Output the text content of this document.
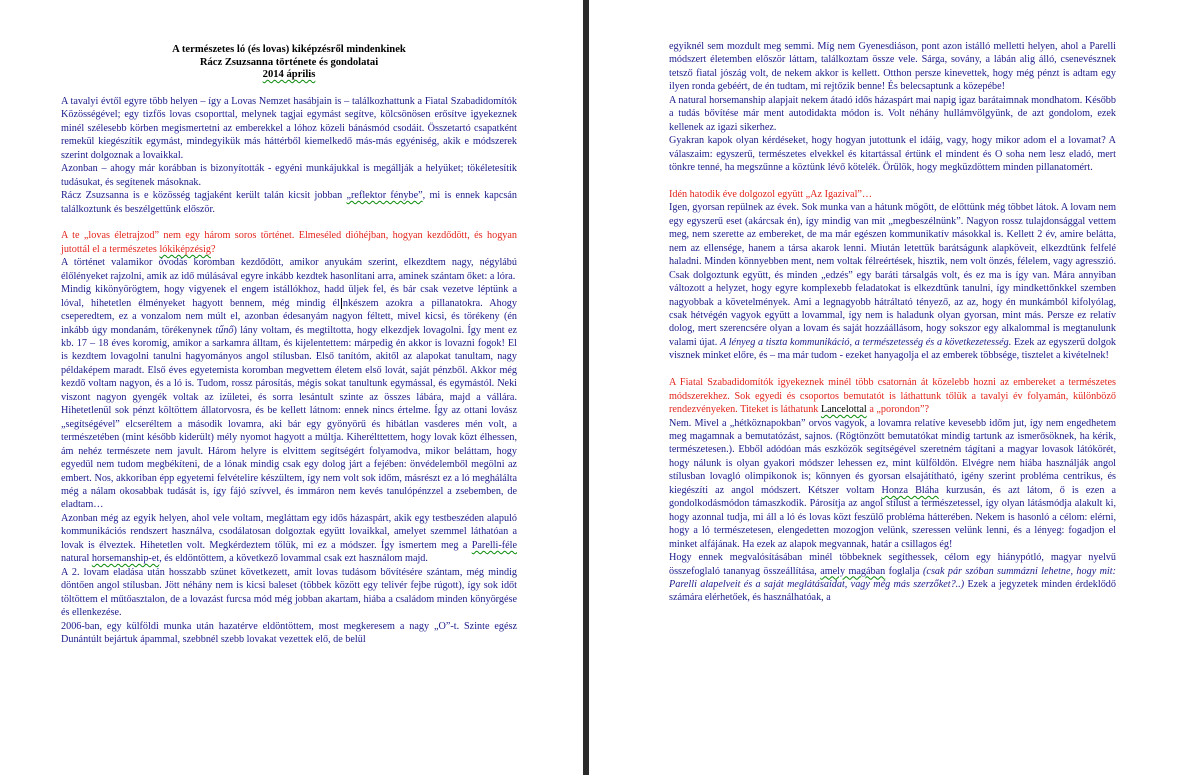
A természetes ló (és lovas) kiképzésről mindenkinek
Rácz Zsuzsanna története és gondolatai
2014 április

A tavalyi évtől egyre több helyen – így a Lovas Nemzet hasábjain is – találkozhattunk a Fiatal Szabadidomítók Közösségével; egy tizfős lovas csoporttal, melynek tagjai egymást segítve, kölcsönösen erősítve igyekeznek minél szélesebb körben megismertetni az emberekkel a lóhoz közeli bánásmód csodáit. Összetartó csapatként remekül kiegészítik egymást, mindegyikük más háttérből kiemelkedő más-más egyéniség, akik e módszerek szerint dolgoznak a lovaikkal.

Azonban – ahogy már korábban is bizonyították - egyéni munkájukkal is megállják a helyüket; tökéletesítik tudásukat, és segítenek másoknak.

Rácz Zsuzsanna is e közösség tagjaként került talán kicsit jobban „reflektor fénybe”, mi is ennek kapcsán találkoztunk és beszélgettünk először.

A te „lovas életrajzod” nem egy három soros történet. Elmeséled dióhéjban, hogyan kezdődött, és hogyan jutottál el a természetes lókiképzésig?

A történet valamikor óvodás koromban kezdődött, amikor anyukám szerint, elkezdtem nagy, négylábú élőlényeket rajzolni, amik az idő múlásával egyre inkább kezdtek hasonlítani arra, aminek szántam őket: a lóra.

Mindig kikönyörögtem, hogy vigyenek el engem istállókhoz, hadd üljek fel, és bár csak vezetve léptünk a lóval, hihetetlen élményeket hagyott bennem, még mindig él nkészem azokra a pillanatokra. Ahogy cseperedtem, ez a vonzalom nem múlt el, azonban édesanyám nagyon féltett, mivel kicsi, és törékeny (én inkább úgy mondanám, törékenynek tűnő) lány voltam, és megtiltotta, hogy elkezdjek lovagolni. Így ment ez kb. 17 – 18 éves koromig, amikor a sarkamra álltam, és kijelentettem: márpedig én akkor is lovazni fogok! El is kezdtem lovagolni tanulni hagyományos angol stílusban. Első tanítóm, akitől az alapokat tanultam, nagy példaképem maradt. Első éves egyetemista koromban megvettem életem első lovát, saját pénzből. Akkor még kezdő voltam nagyon, és a ló is. Tudom, rossz párosítás, mégis sokat tanultunk egymással, és egymástól. Neki viszont nagyon gyengék voltak az izületei, és sorra lesántult szinte az összes lábára, majd a vállára. Hihetetlenül sok pénzt költöttem állatorvosra, és be kellett látnom: ennek nincs értelme. Így az ottani lovász „segítségével” elcseréltem a második lovamra, aki bár egy gyönyörű és hibátlan vasderes mén volt, a természetében (mint később kiderült) mély nyomot hagyott a múltja. Kiherélttettem, hogy lovak közt élhessen, ám nehéz természete nem javult. Három helyre is elvittem segítségért folyamodva, mikor beláttam, hogy egyedül nem tudom megbékíteni, de a lónak mindig csak egy dolog járt a fejében: önvédelemből megölni az embert. Nos, akkoriban épp egyetemi felvételire készültem, így nem volt sok időm, másrészt ez a ló meghálálta még a nálam okosabbak tudását is, így fájó szívvel, és immáron nem kevés tanulópénzzel a zsebemben, de eladtam…

Azonban még az egyik helyen, ahol vele voltam, megláttam egy idős házaspárt, akik egy testbeszéden alapuló kommunikációs rendszert használva, csodálatosan dolgoztak együtt lovaikkal, amelyet szemmel láthatóan a lovak is élveztek. Hihetetlen volt. Megkérdeztem tőlük, mi ez a módszer. Így ismertem meg a Parelli-féle natural horsemanship-et, és eldöntöttem, a következő lovammal csak ezt használom majd.

A 2. lovam eladása után hosszabb szünet következett, amit lovas tudásom bővítésére szántam, még mindig döntően angol stílusban. Jött néhány nem is kicsi baleset (többek között egy telivér fejbe rúgott), így sok időt töltöttem el műtőasztalon, de a lovazást furcsa mód még jobban akartam, hiába a családom minden könyörgése és ellenkezése.

2006-ban, egy külföldi munka után hazatérve eldöntöttem, most megkeresem a nagy „O”-t. Szinte egész Dunántúlt bejártuk ápammal, szebbnél szebb lovakat vezettek elő, de belül

egyiknél sem mozdult meg semmi. Míg nem Gyenesdiáson, pont azon istálló melletti helyen, ahol a Parelli módszert életemben először láttam, találkoztam össze vele. Sárga, sovány, a lábán alig álló, csenevésznek tetsző fiatal jószág volt, de nekem akkor is kellett. Otthon persze kinevettek, hogy még pénzt is adtam egy ilyen ronda gebéért, de én tudtam, mi rejtőzik benne! És belecsaptunk a közepébe!

A natural horsemanship alapjait nekem átadó idős házaspárt mai napig igaz barátaimnak mondhatom. Később a tudás bővítése már ment autodidakta módon is. Volt néhány hullámvölgyünk, de azt gondolom, ezek kellenek az igazi sikerhez.

Gyakran kapok olyan kérdéseket, hogy hogyan jutottunk el idáig, vagy, hogy mikor adom el a lovamat? A válaszaim: egyszerű, természetes elvekkel és kitartással értünk el mindent és O soha nem lesz eladó, mert tönkre tenné, ha megszűnne a köztünk lévő kötelék. Örülök, hogy megküzdöttem minden pillanatomért.

Idén hatodik éve dolgozol együtt „Az Igazival”…

Igen, gyorsan repülnek az évek. Sok munka van a hátunk mögött, de előttünk még többet látok. A lovam nem egy egyszerű eset (akárcsak én), így mindig van mit „megbeszélnünk”. Nagyon rossz tulajdonsággal vettem meg, nem szerette az embereket, de ma már egészen kommunikatív másokkal is. Kellett 2 év, amire belátta, nem az ellensége, hanem a társa akarok lenni. Miután letettük barátságunk alapköveit, elkezdtünk felfelé haladni. Minden könnyebben ment, nem voltak félreértések, hisztik, nem volt önzés, félelem, vagy agresszió. Csak dolgoztunk együtt, és minden „edzés” egy baráti társalgás volt, és ez ma is így van. Mára annyiban változott a helyzet, hogy egyre komplexebb feladatokat is elkezdtünk tanulni, így mindkettőnkkel szemben nagyobbak a követelmények. Ami a legnagyobb hátráltató tényező, az az, hogy én munkámból kifolyólag, csak hétvégén vagyok együtt a lovammal, így nem is haladunk olyan gyorsan, mint más. Persze ez relatív dolog, mert szerencsére olyan a lovam és saját hozzáállásom, hogy sokszor egy alkalommal is megtanulunk valami újat. A lényeg a tiszta kommunikáció, a természetesség és a következetesség. Ezek az egyszerű dolgok visznek minket előre, és – ma már tudom - ezeket hanyagolja el az emberek többsége, tisztelet a kivételnek!

A Fiatal Szabadidomítók igyekeznek minél több csatornán át közelebb hozni az embereket a természetes módszerekhez. Sok egyedi és csoportos bemutatót is láthattunk tőlük a tavalyi év folyamán, különböző rendezvényeken. Titeket is láthatunk Lancelottal a „porondon”?

Nem. Mivel a „hétköznapokban” orvos vagyok, a lovamra relatíve kevesebb időm jut, így nem engedhetem meg magamnak a bemutatózást, sajnos. (Rögtönzött bemutatókat mindig tartunk az ismerősöknek, ha kérik, természetesen.). Ebből adódóan más eszközök segítségével szeretném tágítani a magyar lovasok látókörét, hogy nálunk is olyan gyakori módszer lehessen ez, mint külföldön. Elvégre nem hiába használják angol stílusban lovagló olimpikonok is; könnyen és gyorsan elsajátítható, igény szerint probléma centrikus, és kiegészíti az angol módszert. Kétszer voltam Honza Bláha kurzusán, és azt látom, ő is ezen a gondolkodásmódon támaszkodik. Párosítja az angol stílust a természetessel, így olyan látásmódja alakult ki, hogy azonnal tudja, mi áll a ló és lovas közt feszülő probléma hátterében. Nekem is hasonló a célom: elérni, hogy a ló természetesen, elengedetten mozogjon velünk, szeressen velünk lenni, és a lényeg: fogadjon el minket alfájának. Ha ezek az alapok megvannak, határ a csillagos ég!

Hogy ennek megvalósításában minél többeknek segíthessek, célom egy hiánypótló, magyar nyelvű összefoglaló tananyag összeállítása, amely magában foglalja (csak pár szóban summázni lehetne, hogy mit: Parelli alapelveit és a saját meglátásaidat, vagy még más szerzőket?..) Ezek a jegyzetek minden érdeklődő számára elérhetőek, és használhatóak, a
